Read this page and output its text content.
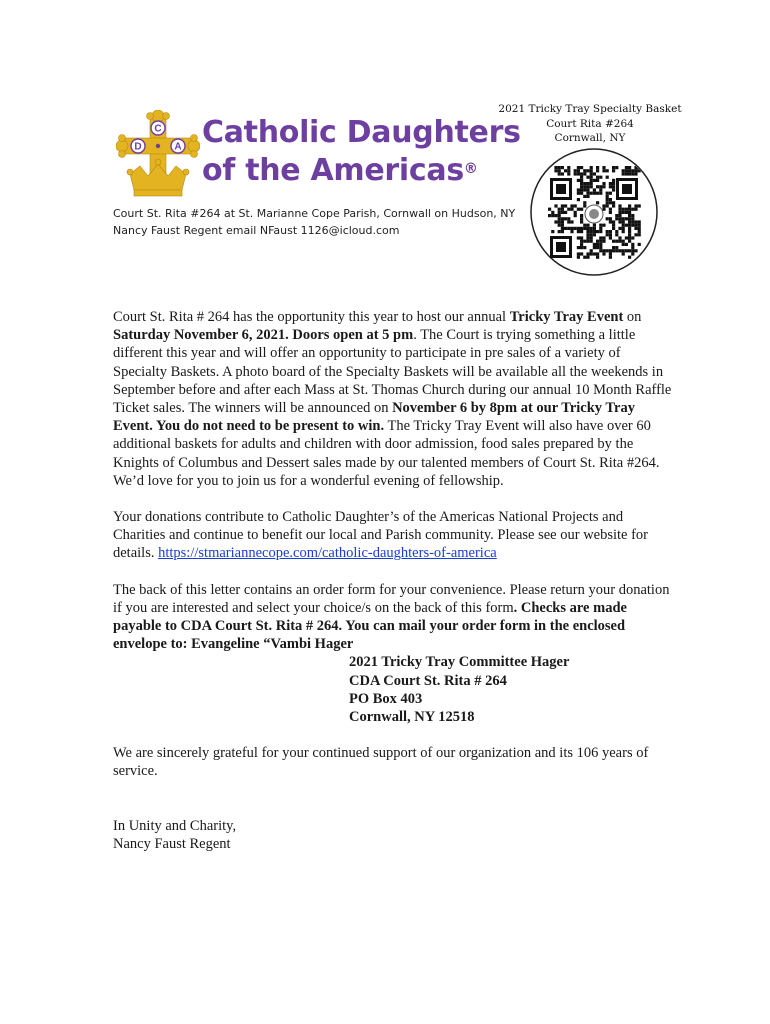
C
D	A Catholic Daughters
of the Americas®
Court St. Rita #264 at St. Marianne Cope Parish, Cornwall on Hudson, NY
Nancy Faust Regent email NFaust 1126@icloud.com
2021 Tricky Tray Specialty Basket
Court Rita #264
Cornwall, NY

Court St. Rita # 264 has the opportunity this year to host our annual Tricky Tray Event on Saturday November 6, 2021. Doors open at 5 pm. The Court is trying something a little different this year and will offer an opportunity to participate in pre sales of a variety of Specialty Baskets. A photo board of the Specialty Baskets will be available all the weekends in September before and after each Mass at St. Thomas Church during our annual 10 Month Raffle Ticket sales. The winners will be announced on November 6 by 8pm at our Tricky Tray Event. You do not need to be present to win. The Tricky Tray Event will also have over 60 additional baskets for adults and children with door admission, food sales prepared by the Knights of Columbus and Dessert sales made by our talented members of Court St. Rita #264. We’d love for you to join us for a wonderful evening of fellowship.

Your donations contribute to Catholic Daughter’s of the Americas National Projects and Charities and continue to benefit our local and Parish community. Please see our website for details. https://stmariannecope.com/catholic-daughters-of-america

The back of this letter contains an order form for your convenience. Please return your donation if you are interested and select your choice/s on the back of this form. Checks are made payable to CDA Court St. Rita # 264. You can mail your order form in the enclosed envelope to: Evangeline “Vambi Hager
2021 Tricky Tray Committee Hager
CDA Court St. Rita # 264
PO Box 403
Cornwall, NY 12518

We are sincerely grateful for your continued support of our organization and its 106 years of service.

In Unity and Charity,
Nancy Faust Regent
